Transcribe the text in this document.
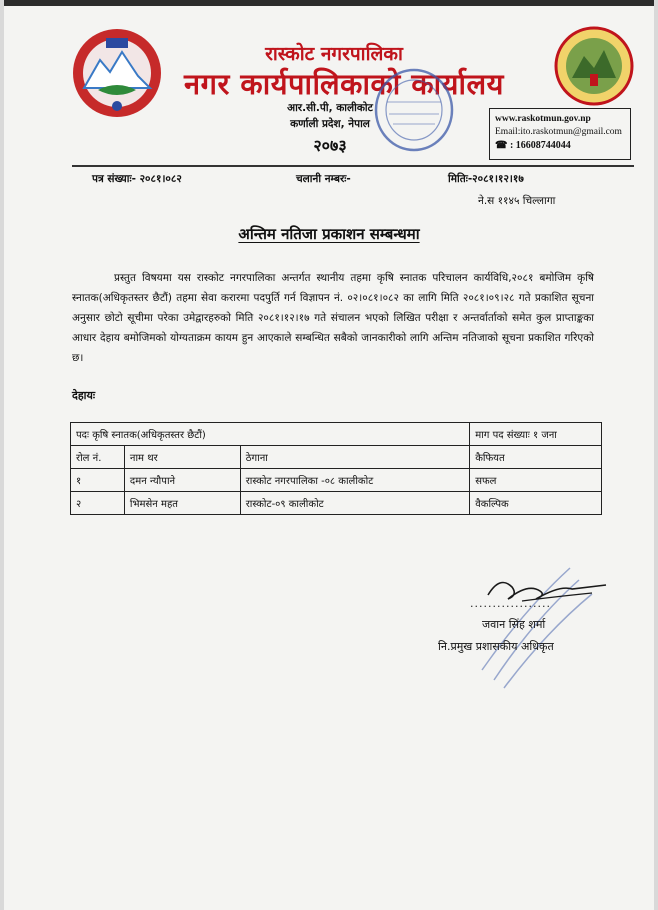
रास्कोट नगरपालिका
नगर कार्यपालिकाको कार्यालय
आर.सी.पी, कालीकोट
कर्णाली प्रदेश, नेपाल
२०७३
www.raskotmun.gov.np
Email:ito.raskotmun@gmail.com
☎ : 16608744044
पत्र संख्याः- २०८१।०८२	चलानी नम्बरः-	मितिः-२०८१।१२।१७
ने.स ११४५ चिल्लागा
अन्तिम नतिजा प्रकाशन सम्बन्धमा
प्रस्तुत विषयमा यस रास्कोट नगरपालिका अन्तर्गत स्थानीय तहमा कृषि स्नातक परिचालन कार्यविधि,२०८१ बमोजिम कृषि स्नातक(अधिकृतस्तर छैटौं) तहमा सेवा करारमा पदपुर्ति गर्न विज्ञापन नं. ०२।०८१।०८२ का लागि मिति २०८१।०९।२८ गते प्रकाशित सूचना अनुसार छोटो सूचीमा परेका उमेद्वारहरुको मिति २०८१।१२।१७ गते संचालन भएको लिखित परीक्षा र अन्तर्वार्ताको समेत कुल प्राप्ताङ्कका आधार देहाय बमोजिमको योग्यताक्रम कायम हुन आएकाले सम्बन्धित सबैको जानकारीको लागि अन्तिम नतिजाको सूचना प्रकाशित गरिएको छ।
देहायः
पदः कृषि स्नातक(अधिकृतस्तर छैटौं)			माग पद संख्याः १ जना
रोल नं.	नाम थर	ठेगाना	कैफियत
१	दमन न्यौपाने	रास्कोट नगरपालिका -०८ कालीकोट	सफल
२	भिमसेन महत	रास्कोट-०९ कालीकोट	वैकल्पिक
..................
जवान सिंह शर्मा
नि.प्रमुख प्रशासकीय अधिकृत
